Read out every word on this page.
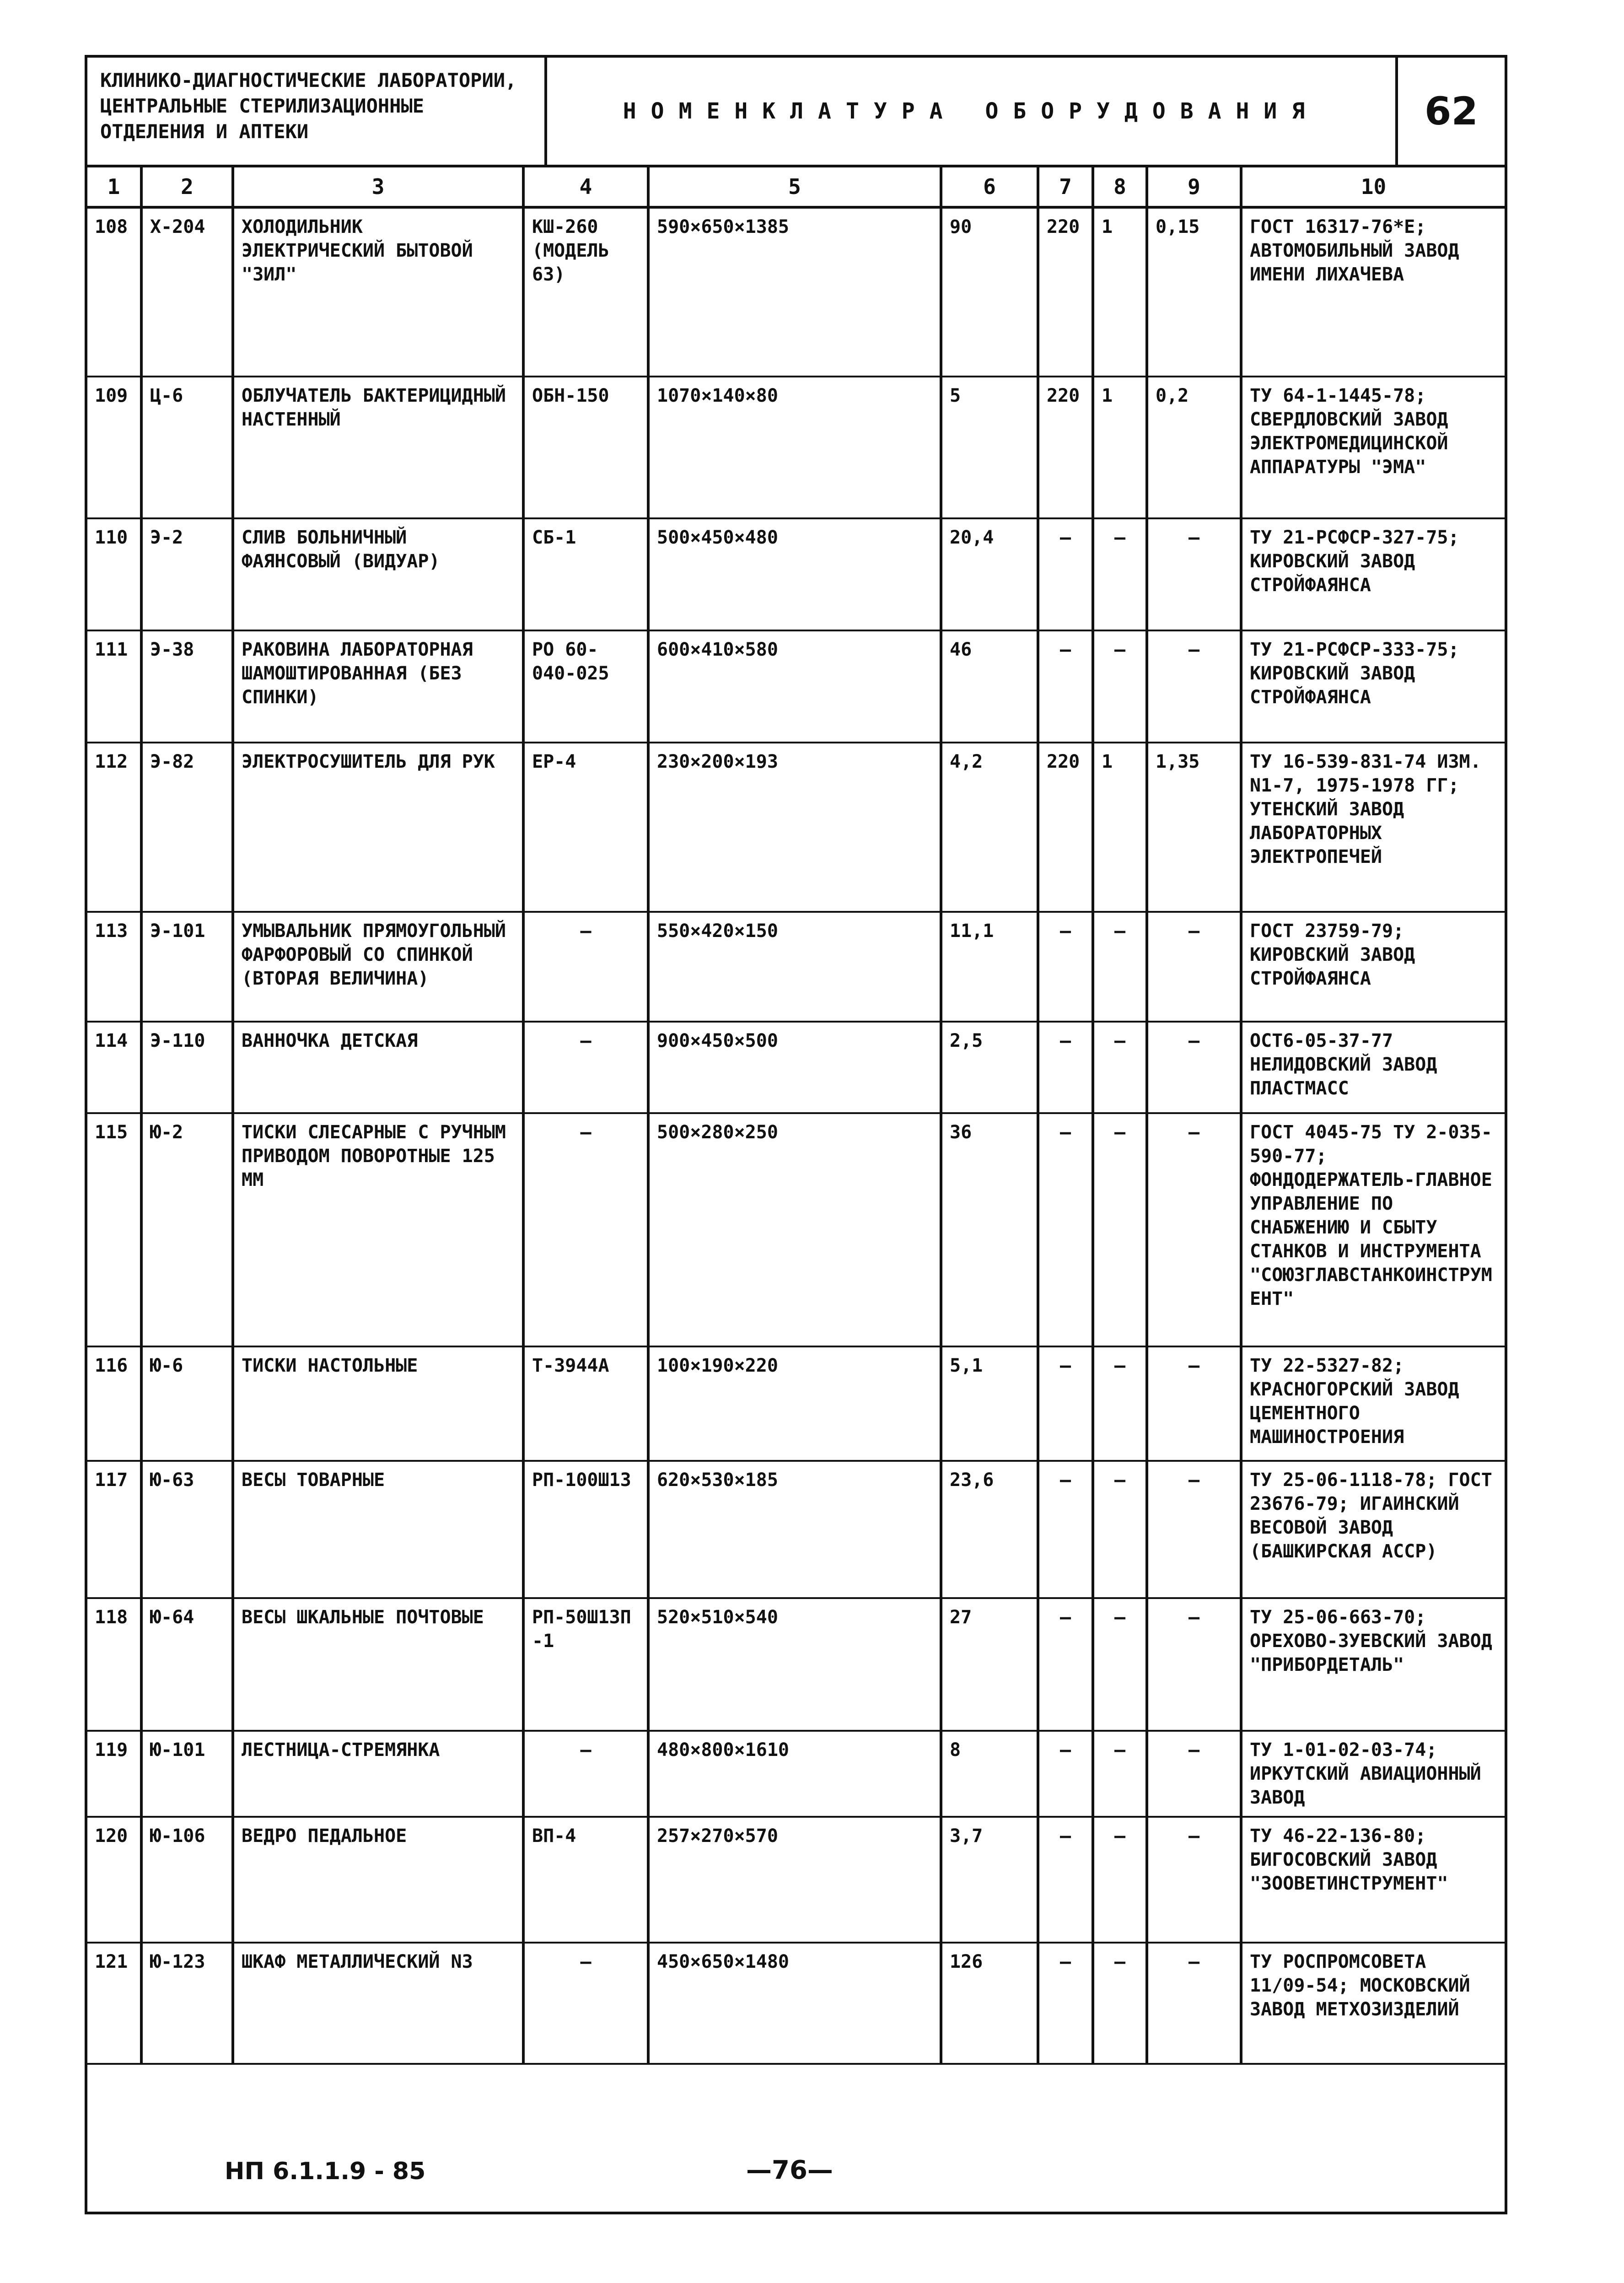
КЛИНИКО-ДИАГНОСТИЧЕСКИЕ ЛАБОРАТОРИИ, ЦЕНТРАЛЬНЫЕ СТЕРИЛИЗАЦИОННЫЕ ОТДЕЛЕНИЯ И АПТЕКИ
НОМЕНКЛАТУРА ОБОРУДОВАНИЯ	62
1	2	3	4	5	6	7	8	9	10
108	Х-204	ХОЛОДИЛЬНИК ЭЛЕКТРИЧЕСКИЙ БЫТОВОЙ "ЗИЛ"	КШ-260 (МОДЕЛЬ 63)	590×650×1385	90	220	1	0,15	ГОСТ 16317-76*Е; АВТОМОБИЛЬНЫЙ ЗАВОД ИМЕНИ ЛИХАЧЕВА
109	Ц-6	ОБЛУЧАТЕЛЬ БАКТЕРИЦИДНЫЙ НАСТЕННЫЙ	ОБН-150	1070×140×80	5	220	1	0,2	ТУ 64-1-1445-78; СВЕРДЛОВСКИЙ ЗАВОД ЭЛЕКТРОМЕДИЦИНСКОЙ АППАРАТУРЫ "ЭМА"
110	Э-2	СЛИВ БОЛЬНИЧНЫЙ ФАЯНСОВЫЙ (ВИДУАР)	СБ-1	500×450×480	20,4	—	—	—	ТУ 21-РСФСР-327-75; КИРОВСКИЙ ЗАВОД СТРОЙФАЯНСА
111	Э-38	РАКОВИНА ЛАБОРАТОРНАЯ ШАМОШТИРОВАННАЯ (БЕЗ СПИНКИ)	РО 60-040-025	600×410×580	46	—	—	—	ТУ 21-РСФСР-333-75; КИРОВСКИЙ ЗАВОД СТРОЙФАЯНСА
112	Э-82	ЭЛЕКТРОСУШИТЕЛЬ ДЛЯ РУК	ЕР-4	230×200×193	4,2	220	1	1,35	ТУ 16-539-831-74 ИЗМ. N1-7, 1975-1978 ГГ; УТЕНСКИЙ ЗАВОД ЛАБОРАТОРНЫХ ЭЛЕКТРОПЕЧЕЙ
113	Э-101	УМЫВАЛЬНИК ПРЯМОУГОЛЬНЫЙ ФАРФОРОВЫЙ СО СПИНКОЙ (ВТОРАЯ ВЕЛИЧИНА)	—	550×420×150	11,1	—	—	—	ГОСТ 23759-79; КИРОВСКИЙ ЗАВОД СТРОЙФАЯНСА
114	Э-110	ВАННОЧКА ДЕТСКАЯ	—	900×450×500	2,5	—	—	—	ОСТ6-05-37-77 НЕЛИДОВСКИЙ ЗАВОД ПЛАСТМАСС
115	Ю-2	ТИСКИ СЛЕСАРНЫЕ С РУЧНЫМ ПРИВОДОМ ПОВОРОТНЫЕ 125 ММ	—	500×280×250	36	—	—	—	ГОСТ 4045-75 ТУ 2-035-590-77; ФОНДОДЕРЖАТЕЛЬ-ГЛАВНОЕ УПРАВЛЕНИЕ ПО СНАБЖЕНИЮ И СБЫТУ СТАНКОВ И ИНСТРУМЕНТА "СОЮЗГЛАВСТАНКОИНСТРУМЕНТ"
116	Ю-6	ТИСКИ НАСТОЛЬНЫЕ	Т-3944А	100×190×220	5,1	—	—	—	ТУ 22-5327-82; КРАСНОГОРСКИЙ ЗАВОД ЦЕМЕНТНОГО МАШИНОСТРОЕНИЯ
117	Ю-63	ВЕСЫ ТОВАРНЫЕ	РП-100Ш13	620×530×185	23,6	—	—	—	ТУ 25-06-1118-78; ГОСТ 23676-79; ИГАИНСКИЙ ВЕСОВОЙ ЗАВОД (БАШКИРСКАЯ АССР)
118	Ю-64	ВЕСЫ ШКАЛЬНЫЕ ПОЧТОВЫЕ	РП-50Ш13П-1	520×510×540	27	—	—	—	ТУ 25-06-663-70; ОРЕХОВО-ЗУЕВСКИЙ ЗАВОД "ПРИБОРДЕТАЛЬ"
119	Ю-101	ЛЕСТНИЦА-СТРЕМЯНКА	—	480×800×1610	8	—	—	—	ТУ 1-01-02-03-74; ИРКУТСКИЙ АВИАЦИОННЫЙ ЗАВОД
120	Ю-106	ВЕДРО ПЕДАЛЬНОЕ	ВП-4	257×270×570	3,7	—	—	—	ТУ 46-22-136-80; БИГОСОВСКИЙ ЗАВОД "ЗООВЕТИНСТРУМЕНТ"
121	Ю-123	ШКАФ МЕТАЛЛИЧЕСКИЙ N3	—	450×650×1480	126	—	—	—	ТУ РОСПРОМСОВЕТА 11/09-54; МОСКОВСКИЙ ЗАВОД МЕТХОЗИЗДЕЛИЙ
НП 6.1.1.9 - 85	—76—
